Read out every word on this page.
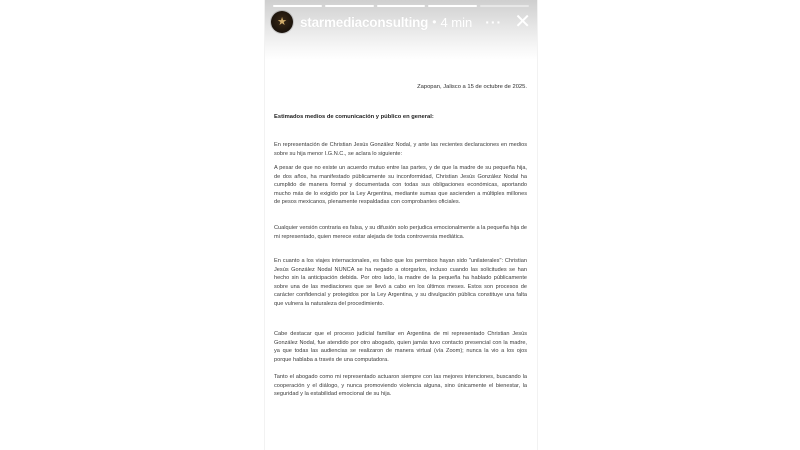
★ starmediaconsulting • 4 min ··· ✕
Zapopan, Jalisco a 15 de octubre de 2025.
Estimados medios de comunicación y público en general:

En representación de Christian Jesús González Nodal, y ante las recientes declaraciones en medios sobre su hija menor I.G.N.C., se aclara lo siguiente:

A pesar de que no existe un acuerdo mutuo entre las partes, y de que la madre de su pequeña hija, de dos años, ha manifestado públicamente su inconformidad, Christian Jesús González Nodal ha cumplido de manera formal y documentada con todas sus obligaciones económicas, aportando mucho más de lo exigido por la Ley Argentina, mediante sumas que ascienden a múltiples millones de pesos mexicanos, plenamente respaldadas con comprobantes oficiales.

Cualquier versión contraria es falsa, y su difusión solo perjudica emocionalmente a la pequeña hija de mi representado, quien merece estar alejada de toda controversia mediática.

En cuanto a los viajes internacionales, es falso que los permisos hayan sido "unilaterales": Christian Jesús González Nodal NUNCA se ha negado a otorgarlos, incluso cuando las solicitudes se han hecho sin la anticipación debida. Por otro lado, la madre de la pequeña ha hablado públicamente sobre una de las mediaciones que se llevó a cabo en los últimos meses. Estos son procesos de carácter confidencial y protegidos por la Ley Argentina, y su divulgación pública constituye una falta que vulnera la naturaleza del procedimiento.

Cabe destacar que el proceso judicial familiar en Argentina de mi representado Christian Jesús González Nodal, fue atendido por otro abogado, quien jamás tuvo contacto presencial con la madre, ya que todas las audiencias se realizaron de manera virtual (vía Zoom); nunca la vio a los ojos porque hablaba a través de una computadora.

Tanto el abogado como mi representado actuaron siempre con las mejores intenciones, buscando la cooperación y el diálogo, y nunca promoviendo violencia alguna, sino únicamente el bienestar, la seguridad y la estabilidad emocional de su hija.
